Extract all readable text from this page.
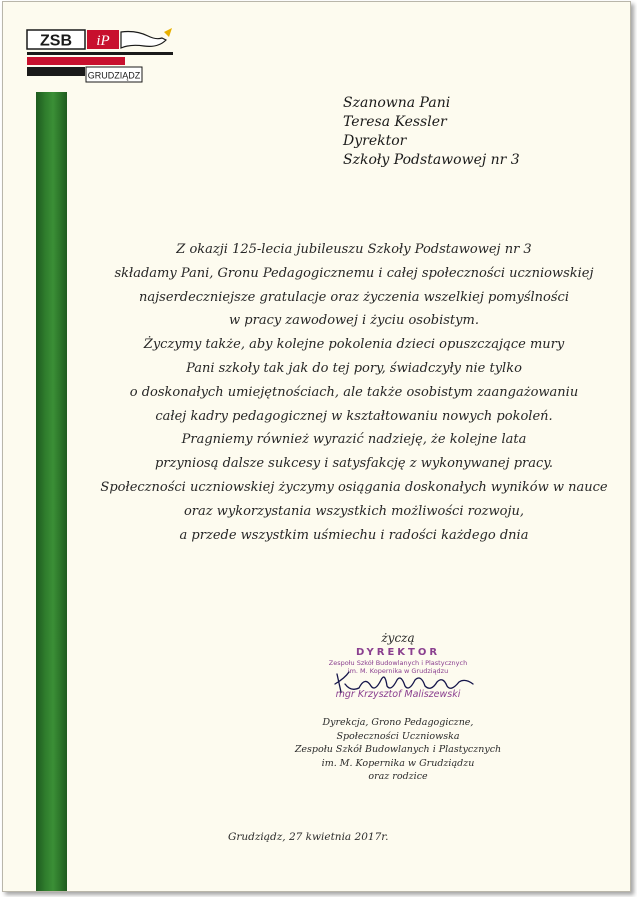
ZSB iP
GRUDZIĄDZ
Szanowna Pani
Teresa Kessler
Dyrektor
Szkoły Podstawowej nr 3
Z okazji 125-lecia jubileuszu Szkoły Podstawowej nr 3
składamy Pani, Gronu Pedagogicznemu i całej społeczności uczniowskiej
najserdeczniejsze gratulacje oraz życzenia wszelkiej pomyślności
w pracy zawodowej i życiu osobistym.
Życzymy także, aby kolejne pokolenia dzieci opuszczające mury
Pani szkoły tak jak do tej pory, świadczyły nie tylko
o doskonałych umiejętnościach, ale także osobistym zaangażowaniu
całej kadry pedagogicznej w kształtowaniu nowych pokoleń.
Pragniemy również wyrazić nadzieję, że kolejne lata
przyniosą dalsze sukcesy i satysfakcję z wykonywanej pracy.
Społeczności uczniowskiej życzymy osiągania doskonałych wyników w nauce
oraz wykorzystania wszystkich możliwości rozwoju,
a przede wszystkim uśmiechu i radości każdego dnia
życzą
DYREKTOR
Zespołu Szkół Budowlanych i Plastycznych
im. M. Kopernika w Grudziądzu
mgr Krzysztof Maliszewski
Dyrekcja, Grono Pedagogiczne,
Społeczności Uczniowska
Zespołu Szkół Budowlanych i Plastycznych
im. M. Kopernika w Grudziądzu
oraz rodzice
Grudziądz, 27 kwietnia 2017r.
